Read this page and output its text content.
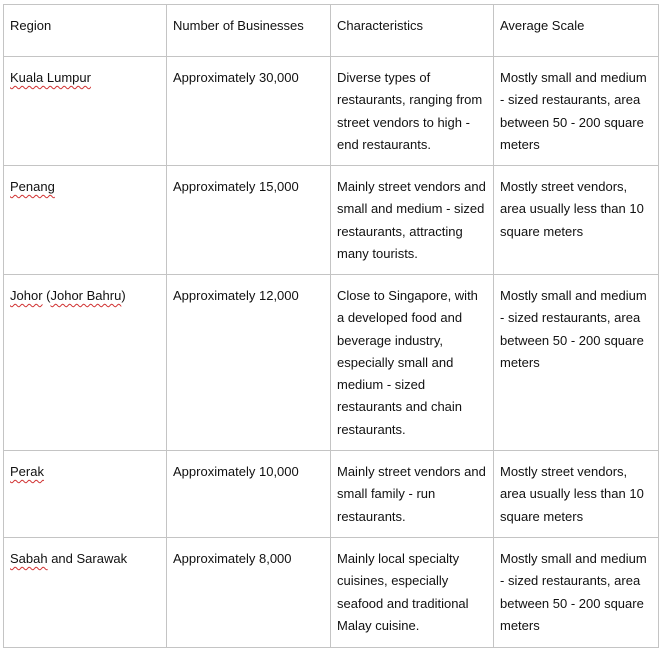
Region	Number of Businesses	Characteristics	Average Scale
Kuala Lumpur	Approximately 30,000	Diverse types of restaurants, ranging from street vendors to high - end restaurants.	Mostly small and medium - sized restaurants, area between 50 - 200 square meters
Penang	Approximately 15,000	Mainly street vendors and small and medium - sized restaurants, attracting many tourists.	Mostly street vendors, area usually less than 10 square meters
Johor (Johor Bahru)	Approximately 12,000	Close to Singapore, with a developed food and beverage industry, especially small and medium - sized restaurants and chain restaurants.	Mostly small and medium - sized restaurants, area between 50 - 200 square meters
Perak	Approximately 10,000	Mainly street vendors and small family - run restaurants.	Mostly street vendors, area usually less than 10 square meters
Sabah and Sarawak	Approximately 8,000	Mainly local specialty cuisines, especially seafood and traditional Malay cuisine.	Mostly small and medium - sized restaurants, area between 50 - 200 square meters
